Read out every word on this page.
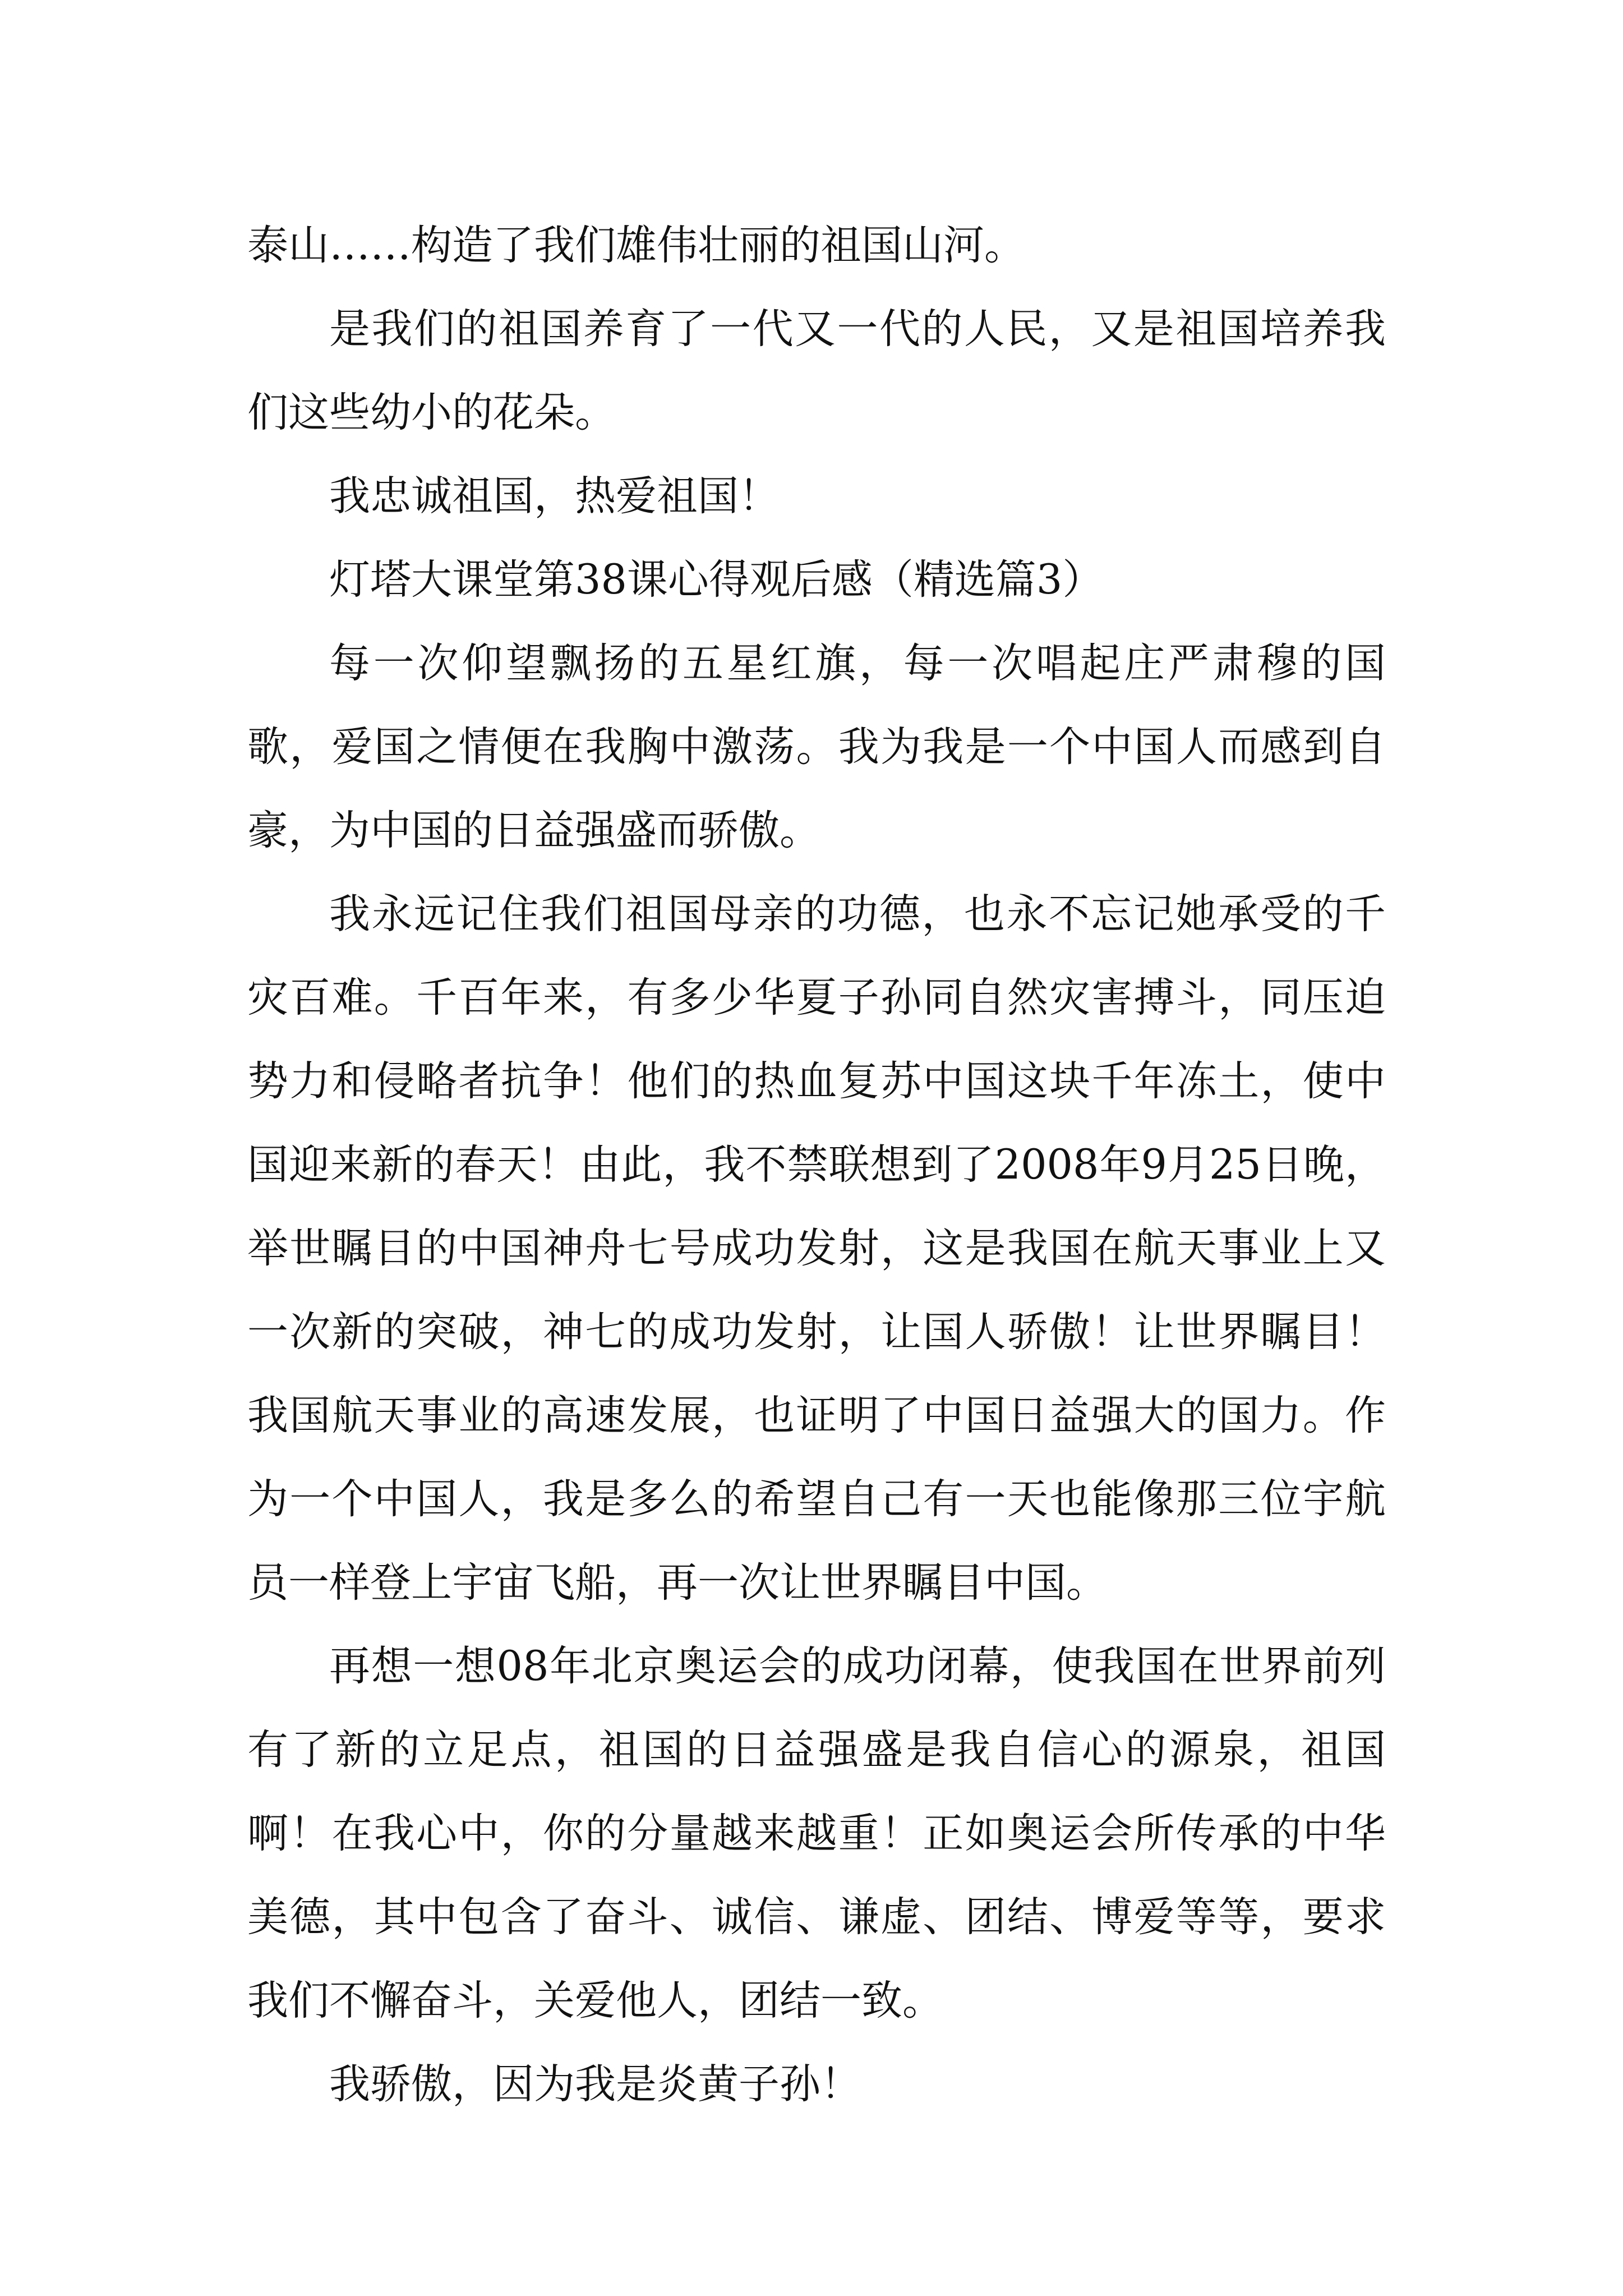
泰山……构造了我们雄伟壮丽的祖国山河。

是我们的祖国养育了一代又一代的人民，又是祖国培养我们这些幼小的花朵。

我忠诚祖国，热爱祖国！

灯塔大课堂第38课心得观后感（精选篇3）

每一次仰望飘扬的五星红旗，每一次唱起庄严肃穆的国歌，爱国之情便在我胸中激荡。我为我是一个中国人而感到自豪，为中国的日益强盛而骄傲。

我永远记住我们祖国母亲的功德，也永不忘记她承受的千灾百难。千百年来，有多少华夏子孙同自然灾害搏斗，同压迫势力和侵略者抗争！他们的热血复苏中国这块千年冻土，使中国迎来新的春天！由此，我不禁联想到了2008年9月25日晚，举世瞩目的中国神舟七号成功发射，这是我国在航天事业上又一次新的突破，神七的成功发射，让国人骄傲！让世界瞩目！我国航天事业的高速发展，也证明了中国日益强大的国力。作为一个中国人，我是多么的希望自己有一天也能像那三位宇航员一样登上宇宙飞船，再一次让世界瞩目中国。

再想一想08年北京奥运会的成功闭幕，使我国在世界前列有了新的立足点，祖国的日益强盛是我自信心的源泉，祖国啊！在我心中，你的分量越来越重！正如奥运会所传承的中华美德，其中包含了奋斗、诚信、谦虚、团结、博爱等等，要求我们不懈奋斗，关爱他人，团结一致。

我骄傲，因为我是炎黄子孙！
